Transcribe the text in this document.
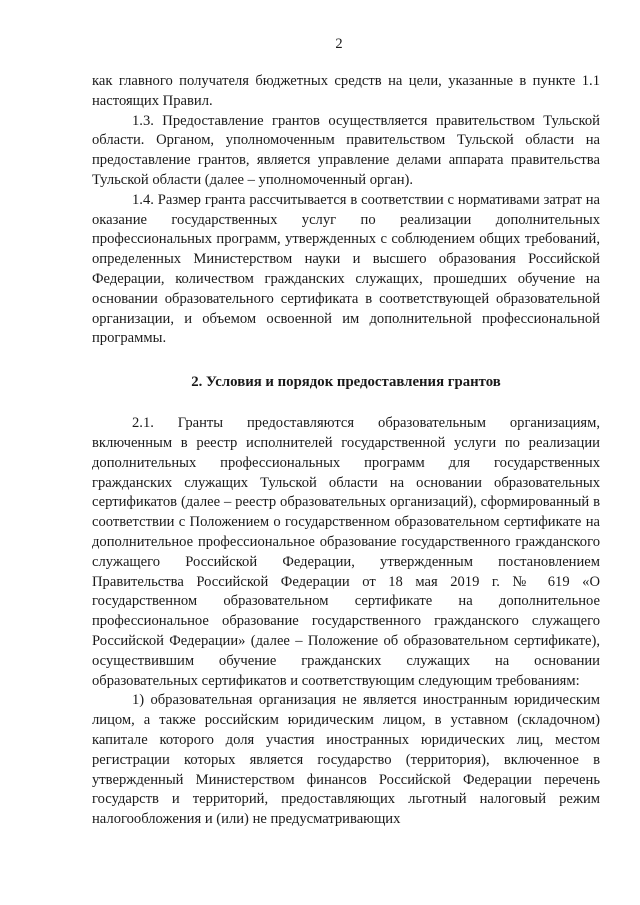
2

как главного получателя бюджетных средств на цели, указанные в пункте 1.1 настоящих Правил.

1.3. Предоставление грантов осуществляется правительством Тульской области. Органом, уполномоченным правительством Тульской области на предоставление грантов, является управление делами аппарата правительства Тульской области (далее – уполномоченный орган).

1.4. Размер гранта рассчитывается в соответствии с нормативами затрат на оказание государственных услуг по реализации дополнительных профессиональных программ, утвержденных с соблюдением общих требований, определенных Министерством науки и высшего образования Российской Федерации, количеством гражданских служащих, прошедших обучение на основании образовательного сертификата в соответствующей образовательной организации, и объемом освоенной им дополнительной профессиональной программы.

2. Условия и порядок предоставления грантов

2.1. Гранты предоставляются образовательным организациям, включенным в реестр исполнителей государственной услуги по реализации дополнительных профессиональных программ для государственных гражданских служащих Тульской области на основании образовательных сертификатов (далее – реестр образовательных организаций), сформированный в соответствии с Положением о государственном образовательном сертификате на дополнительное профессиональное образование государственного гражданского служащего Российской Федерации, утвержденным постановлением Правительства Российской Федерации от 18 мая 2019 г. № 619 «О государственном образовательном сертификате на дополнительное профессиональное образование государственного гражданского служащего Российской Федерации» (далее – Положение об образовательном сертификате), осуществившим обучение гражданских служащих на основании образовательных сертификатов и соответствующим следующим требованиям:

1) образовательная организация не является иностранным юридическим лицом, а также российским юридическим лицом, в уставном (складочном) капитале которого доля участия иностранных юридических лиц, местом регистрации которых является государство (территория), включенное в утвержденный Министерством финансов Российской Федерации перечень государств и территорий, предоставляющих льготный налоговый режим налогообложения и (или) не предусматривающих
